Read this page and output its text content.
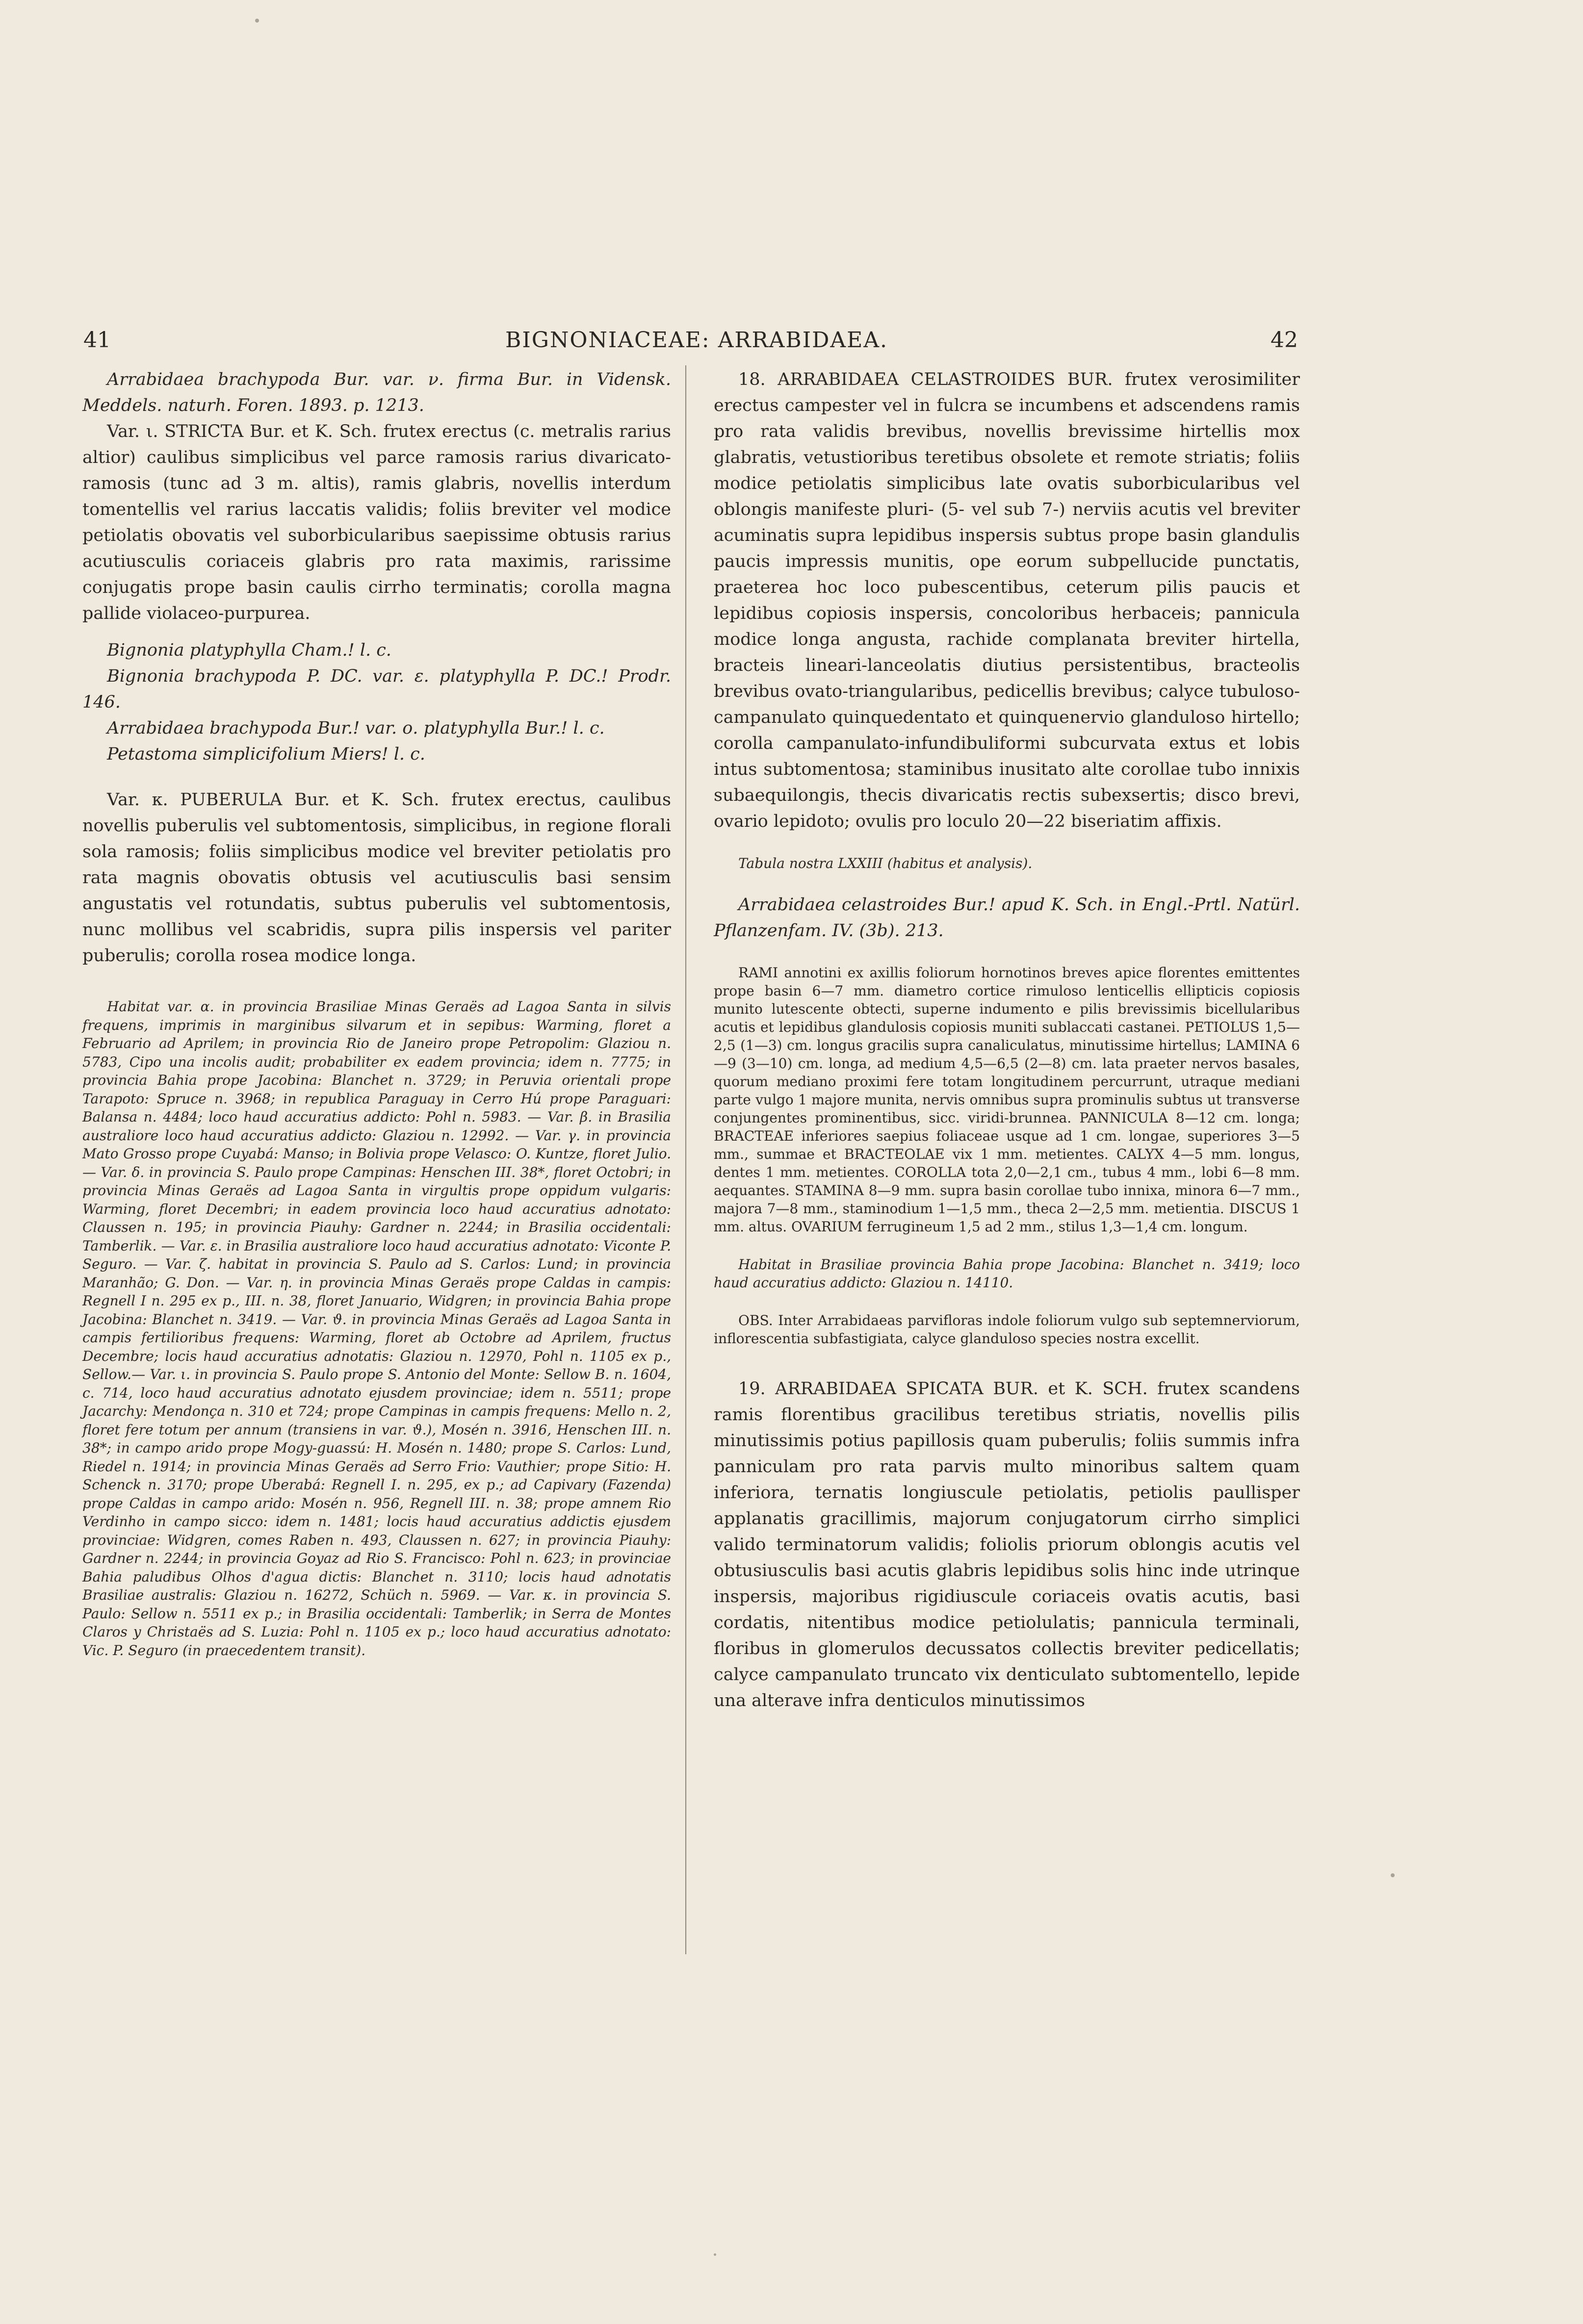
41	BIGNONIACEAE: ARRABIDAEA.	42

Arrabidaea brachypoda Bur. var. ν. firma Bur. in Vidensk. Meddels. naturh. Foren. 1893. p. 1213.

Var. ι. STRICTA Bur. et K. Sch. frutex erectus (c. metralis rarius altior) caulibus simplicibus vel parce ramosis rarius divaricato-ramosis (tunc ad 3 m. altis), ramis glabris, novellis interdum tomentellis vel rarius laccatis validis; foliis breviter vel modice petiolatis obovatis vel suborbicularibus saepissime obtusis rarius acutiusculis coriaceis glabris pro rata maximis, rarissime conjugatis prope basin caulis cirrho terminatis; corolla magna pallide violaceo-purpurea.

Bignonia platyphylla Cham.! l. c.

Bignonia brachypoda P. DC. var. ε. platyphylla P. DC.! Prodr. 146.

Arrabidaea brachypoda Bur.! var. ο. platyphylla Bur.! l. c.

Petastoma simplicifolium Miers! l. c.

Var. κ. PUBERULA Bur. et K. Sch. frutex erectus, caulibus novellis puberulis vel subtomentosis, simplicibus, in regione florali sola ramosis; foliis simplicibus modice vel breviter petiolatis pro rata magnis obovatis obtusis vel acutiusculis basi sensim angustatis vel rotundatis, subtus puberulis vel subtomentosis, nunc mollibus vel scabridis, supra pilis inspersis vel pariter puberulis; corolla rosea modice longa.

Habitat var. α. in provincia Brasiliae Minas Geraës ad Lagoa Santa in silvis frequens, imprimis in marginibus silvarum et in sepibus: Warming, floret a Februario ad Aprilem; in provincia Rio de Janeiro prope Petropolim: Glaziou n. 5783, Cipo una incolis audit; probabiliter ex eadem provincia; idem n. 7775; in provincia Bahia prope Jacobina: Blanchet n. 3729; in Peruvia orientali prope Tarapoto: Spruce n. 3968; in republica Paraguay in Cerro Hú prope Paraguari: Balansa n. 4484; loco haud accuratius addicto: Pohl n. 5983. — Var. β. in Brasilia australiore loco haud accuratius addicto: Glaziou n. 12992. — Var. γ. in provincia Mato Grosso prope Cuyabá: Manso; in Bolivia prope Velasco: O. Kuntze, floret Julio. — Var. δ. in provincia S. Paulo prope Campinas: Henschen III. 38*, floret Octobri; in provincia Minas Geraës ad Lagoa Santa in virgultis prope oppidum vulgaris: Warming, floret Decembri; in eadem provincia loco haud accuratius adnotato: Claussen n. 195; in provincia Piauhy: Gardner n. 2244; in Brasilia occidentali: Tamberlik. — Var. ε. in Brasilia australiore loco haud accuratius adnotato: Viconte P. Seguro. — Var. ζ. habitat in provincia S. Paulo ad S. Carlos: Lund; in provincia Maranhão; G. Don. — Var. η. in provincia Minas Geraës prope Caldas in campis: Regnell I n. 295 ex p., III. n. 38, floret Januario, Widgren; in provincia Bahia prope Jacobina: Blanchet n. 3419. — Var. ϑ. in provincia Minas Geraës ad Lagoa Santa in campis fertilioribus frequens: Warming, floret ab Octobre ad Aprilem, fructus Decembre; locis haud accuratius adnotatis: Glaziou n. 12970, Pohl n. 1105 ex p., Sellow.— Var. ι. in provincia S. Paulo prope S. Antonio del Monte: Sellow B. n. 1604, c. 714, loco haud accuratius adnotato ejusdem provinciae; idem n. 5511; prope Jacarchy: Mendonça n. 310 et 724; prope Campinas in campis frequens: Mello n. 2, floret fere totum per annum (transiens in var. ϑ.), Mosén n. 3916, Henschen III. n. 38*; in campo arido prope Mogy-guassú: H. Mosén n. 1480; prope S. Carlos: Lund, Riedel n. 1914; in provincia Minas Geraës ad Serro Frio: Vauthier; prope Sitio: H. Schenck n. 3170; prope Uberabá: Regnell I. n. 295, ex p.; ad Capivary (Fazenda) prope Caldas in campo arido: Mosén n. 956, Regnell III. n. 38; prope amnem Rio Verdinho in campo sicco: idem n. 1481; locis haud accuratius addictis ejusdem provinciae: Widgren, comes Raben n. 493, Claussen n. 627; in provincia Piauhy: Gardner n. 2244; in provincia Goyaz ad Rio S. Francisco: Pohl n. 623; in provinciae Bahia paludibus Olhos d'agua dictis: Blanchet n. 3110; locis haud adnotatis Brasiliae australis: Glaziou n. 16272, Schüch n. 5969. — Var. κ. in provincia S. Paulo: Sellow n. 5511 ex p.; in Brasilia occidentali: Tamberlik; in Serra de Montes Claros y Christaës ad S. Luzia: Pohl n. 1105 ex p.; loco haud accuratius adnotato: Vic. P. Seguro (in praecedentem transit).

18. ARRABIDAEA CELASTROIDES BUR. frutex verosimiliter erectus campester vel in fulcra se incumbens et adscendens ramis pro rata validis brevibus, novellis brevissime hirtellis mox glabratis, vetustioribus teretibus obsolete et remote striatis; foliis modice petiolatis simplicibus late ovatis suborbicularibus vel oblongis manifeste pluri- (5- vel sub 7-) nerviis acutis vel breviter acuminatis supra lepidibus inspersis subtus prope basin glandulis paucis impressis munitis, ope eorum subpellucide punctatis, praeterea hoc loco pubescentibus, ceterum pilis paucis et lepidibus copiosis inspersis, concoloribus herbaceis; pannicula modice longa angusta, rachide complanata breviter hirtella, bracteis lineari-lanceolatis diutius persistentibus, bracteolis brevibus ovato-triangularibus, pedicellis brevibus; calyce tubuloso-campanulato quinquedentato et quinquenervio glanduloso hirtello; corolla campanulato-infundibuliformi subcurvata extus et lobis intus subtomentosa; staminibus inusitato alte corollae tubo innixis subaequilongis, thecis divaricatis rectis subexsertis; disco brevi, ovario lepidoto; ovulis pro loculo 20—22 biseriatim affixis.

Tabula nostra LXXIII (habitus et analysis).

Arrabidaea celastroides Bur.! apud K. Sch. in Engl.-Prtl. Natürl. Pflanzenfam. IV. (3b). 213.

RAMI annotini ex axillis foliorum hornotinos breves apice florentes emittentes prope basin 6—7 mm. diametro cortice rimuloso lenticellis ellipticis copiosis munito lutescente obtecti, superne indumento e pilis brevissimis bicellularibus acutis et lepidibus glandulosis copiosis muniti sublaccati castanei. PETIOLUS 1,5—2,5 (1—3) cm. longus gracilis supra canaliculatus, minutissime hirtellus; LAMINA 6—9 (3—10) cm. longa, ad medium 4,5—6,5 (2—8) cm. lata praeter nervos basales, quorum mediano proximi fere totam longitudinem percurrunt, utraque mediani parte vulgo 1 majore munita, nervis omnibus supra prominulis subtus ut transverse conjungentes prominentibus, sicc. viridi-brunnea. PANNICULA 8—12 cm. longa; BRACTEAE inferiores saepius foliaceae usque ad 1 cm. longae, superiores 3—5 mm., summae et BRACTEOLAE vix 1 mm. metientes. CALYX 4—5 mm. longus, dentes 1 mm. metientes. COROLLA tota 2,0—2,1 cm., tubus 4 mm., lobi 6—8 mm. aequantes. STAMINA 8—9 mm. supra basin corollae tubo innixa, minora 6—7 mm., majora 7—8 mm., staminodium 1—1,5 mm., theca 2—2,5 mm. metientia. DISCUS 1 mm. altus. OVARIUM ferrugineum 1,5 ad 2 mm., stilus 1,3—1,4 cm. longum.

Habitat in Brasiliae provincia Bahia prope Jacobina: Blanchet n. 3419; loco haud accuratius addicto: Glaziou n. 14110.

OBS. Inter Arrabidaeas parvifloras indole foliorum vulgo sub septemnerviorum, inflorescentia subfastigiata, calyce glanduloso species nostra excellit.

19. ARRABIDAEA SPICATA BUR. et K. SCH. frutex scandens ramis florentibus gracilibus teretibus striatis, novellis pilis minutissimis potius papillosis quam puberulis; foliis summis infra panniculam pro rata parvis multo minoribus saltem quam inferiora, ternatis longiuscule petiolatis, petiolis paullisper applanatis gracillimis, majorum conjugatorum cirrho simplici valido terminatorum validis; foliolis priorum oblongis acutis vel obtusiusculis basi acutis glabris lepidibus solis hinc inde utrinque inspersis, majoribus rigidiuscule coriaceis ovatis acutis, basi cordatis, nitentibus modice petiolulatis; pannicula terminali, floribus in glomerulos decussatos collectis breviter pedicellatis; calyce campanulato truncato vix denticulato subtomentello, lepide una alterave infra denticulos minutissimos
